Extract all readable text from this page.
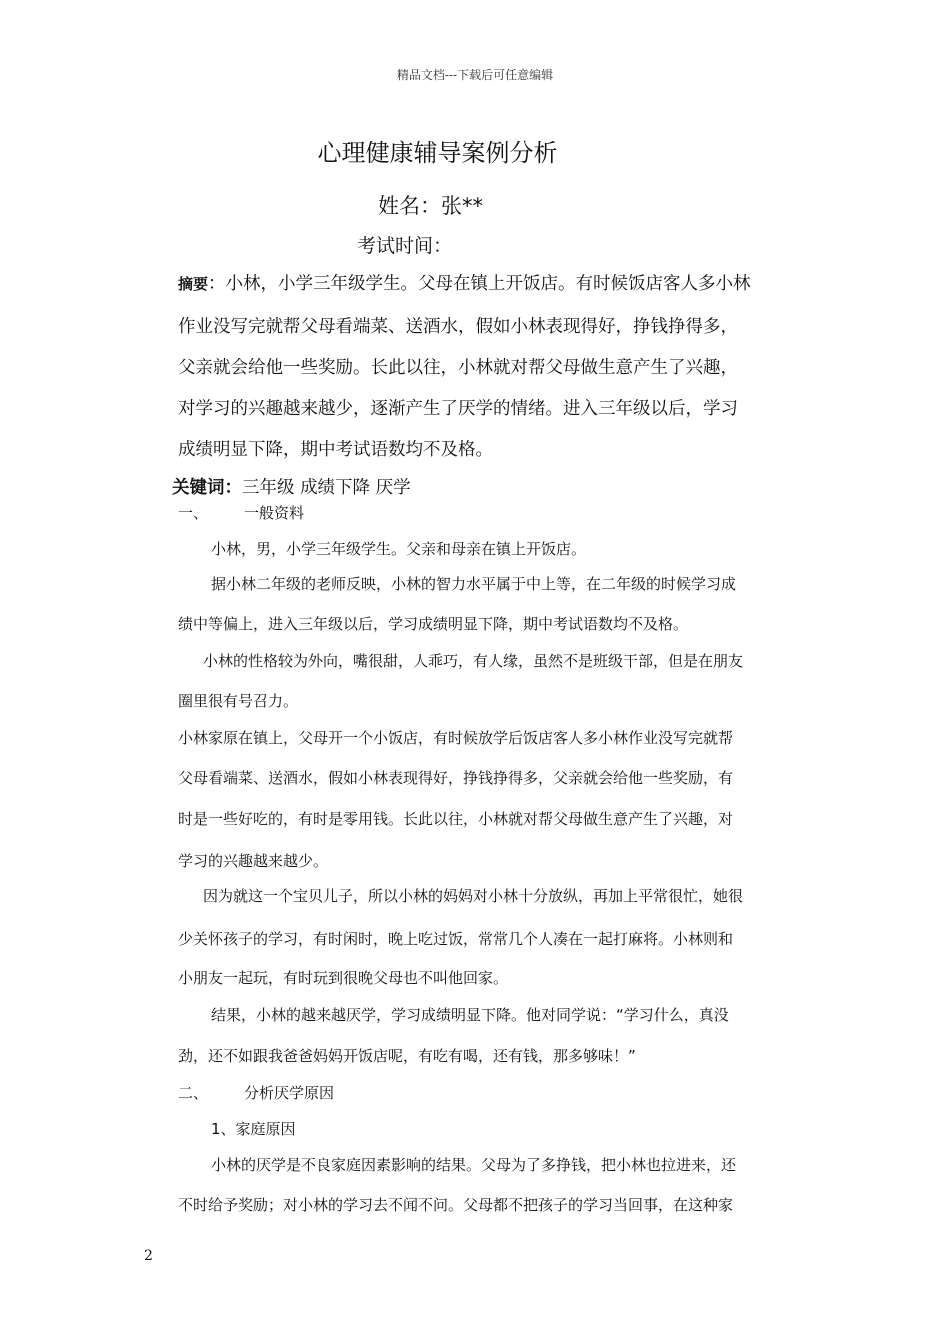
精品文档---下载后可任意编辑
心理健康辅导案例分析
姓名：张**
考试时间：
摘要：小林，小学三年级学生。父母在镇上开饭店。有时候饭店客人多小林
作业没写完就帮父母看端菜、送酒水，假如小林表现得好，挣钱挣得多，
父亲就会给他一些奖励。长此以往，小林就对帮父母做生意产生了兴趣，
对学习的兴趣越来越少，逐渐产生了厌学的情绪。进入三年级以后，学习
成绩明显下降，期中考试语数均不及格。
关键词：三年级 成绩下降 厌学
一、 一般资料
小林，男，小学三年级学生。父亲和母亲在镇上开饭店。
据小林二年级的老师反映，小林的智力水平属于中上等，在二年级的时候学习成
绩中等偏上，进入三年级以后，学习成绩明显下降，期中考试语数均不及格。
小林的性格较为外向，嘴很甜，人乖巧，有人缘，虽然不是班级干部，但是在朋友
圈里很有号召力。
小林家原在镇上，父母开一个小饭店，有时候放学后饭店客人多小林作业没写完就帮
父母看端菜、送酒水，假如小林表现得好，挣钱挣得多，父亲就会给他一些奖励，有
时是一些好吃的，有时是零用钱。长此以往，小林就对帮父母做生意产生了兴趣，对
学习的兴趣越来越少。
因为就这一个宝贝儿子，所以小林的妈妈对小林十分放纵，再加上平常很忙，她很
少关怀孩子的学习，有时闲时，晚上吃过饭，常常几个人凑在一起打麻将。小林则和
小朋友一起玩，有时玩到很晚父母也不叫他回家。
结果，小林的越来越厌学，学习成绩明显下降。他对同学说：“学习什么，真没
劲，还不如跟我爸爸妈妈开饭店呢，有吃有喝，还有钱，那多够味！”
二、 分析厌学原因
1、家庭原因
小林的厌学是不良家庭因素影响的结果。父母为了多挣钱，把小林也拉进来，还
不时给予奖励；对小林的学习去不闻不问。父母都不把孩子的学习当回事，在这种家
2
